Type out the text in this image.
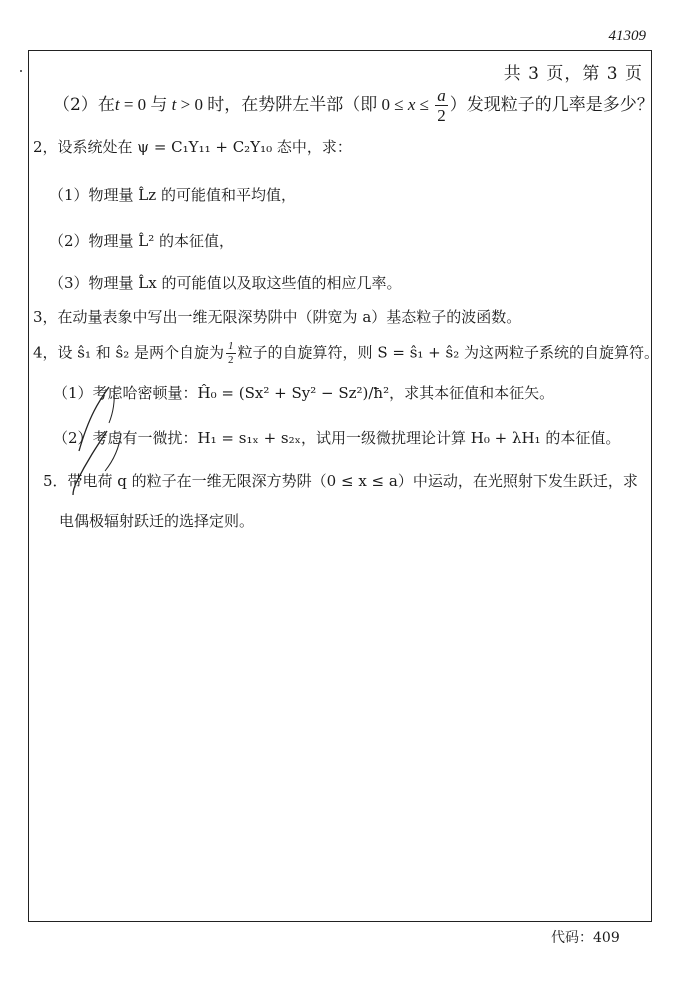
41309
共 3 页，第 3 页
（2）在t = 0 与 t > 0 时，在势阱左半部（即 $0 \le x \le \frac{a}{2}$ ）发现粒子的几率是多少？
2，设系统处在 ψ = C₁Y₁₁ + C₂Y₁₀ 态中，求：
（1）物理量 L̂z 的可能值和平均值，
（2）物理量 L̂² 的本征值，
（3）物理量 L̂x 的可能值以及取这些值的相应几率。
3，在动量表象中写出一维无限深势阱中（阱宽为 a）基态粒子的波函数。
4，设 ŝ₁ 和 ŝ₂ 是两个自旋为 $\frac{1}{2}$ 粒子的自旋算符，则 S = ŝ₁ + ŝ₂ 为这两粒子系统的自旋算符。
（1）考虑哈密顿量：Ĥ₀ = (Sx² + Sy² − Sz²)/ħ²，求其本征值和本征矢。
（2）考虑有一微扰：H₁ = s₁ₓ + s₂ₓ，试用一级微扰理论计算 H₀ + λH₁ 的本征值。
5．带电荷 q 的粒子在一维无限深方势阱（0 ≤ x ≤ a）中运动，在光照射下发生跃迁，求
电偶极辐射跃迁的选择定则。
代码：409
